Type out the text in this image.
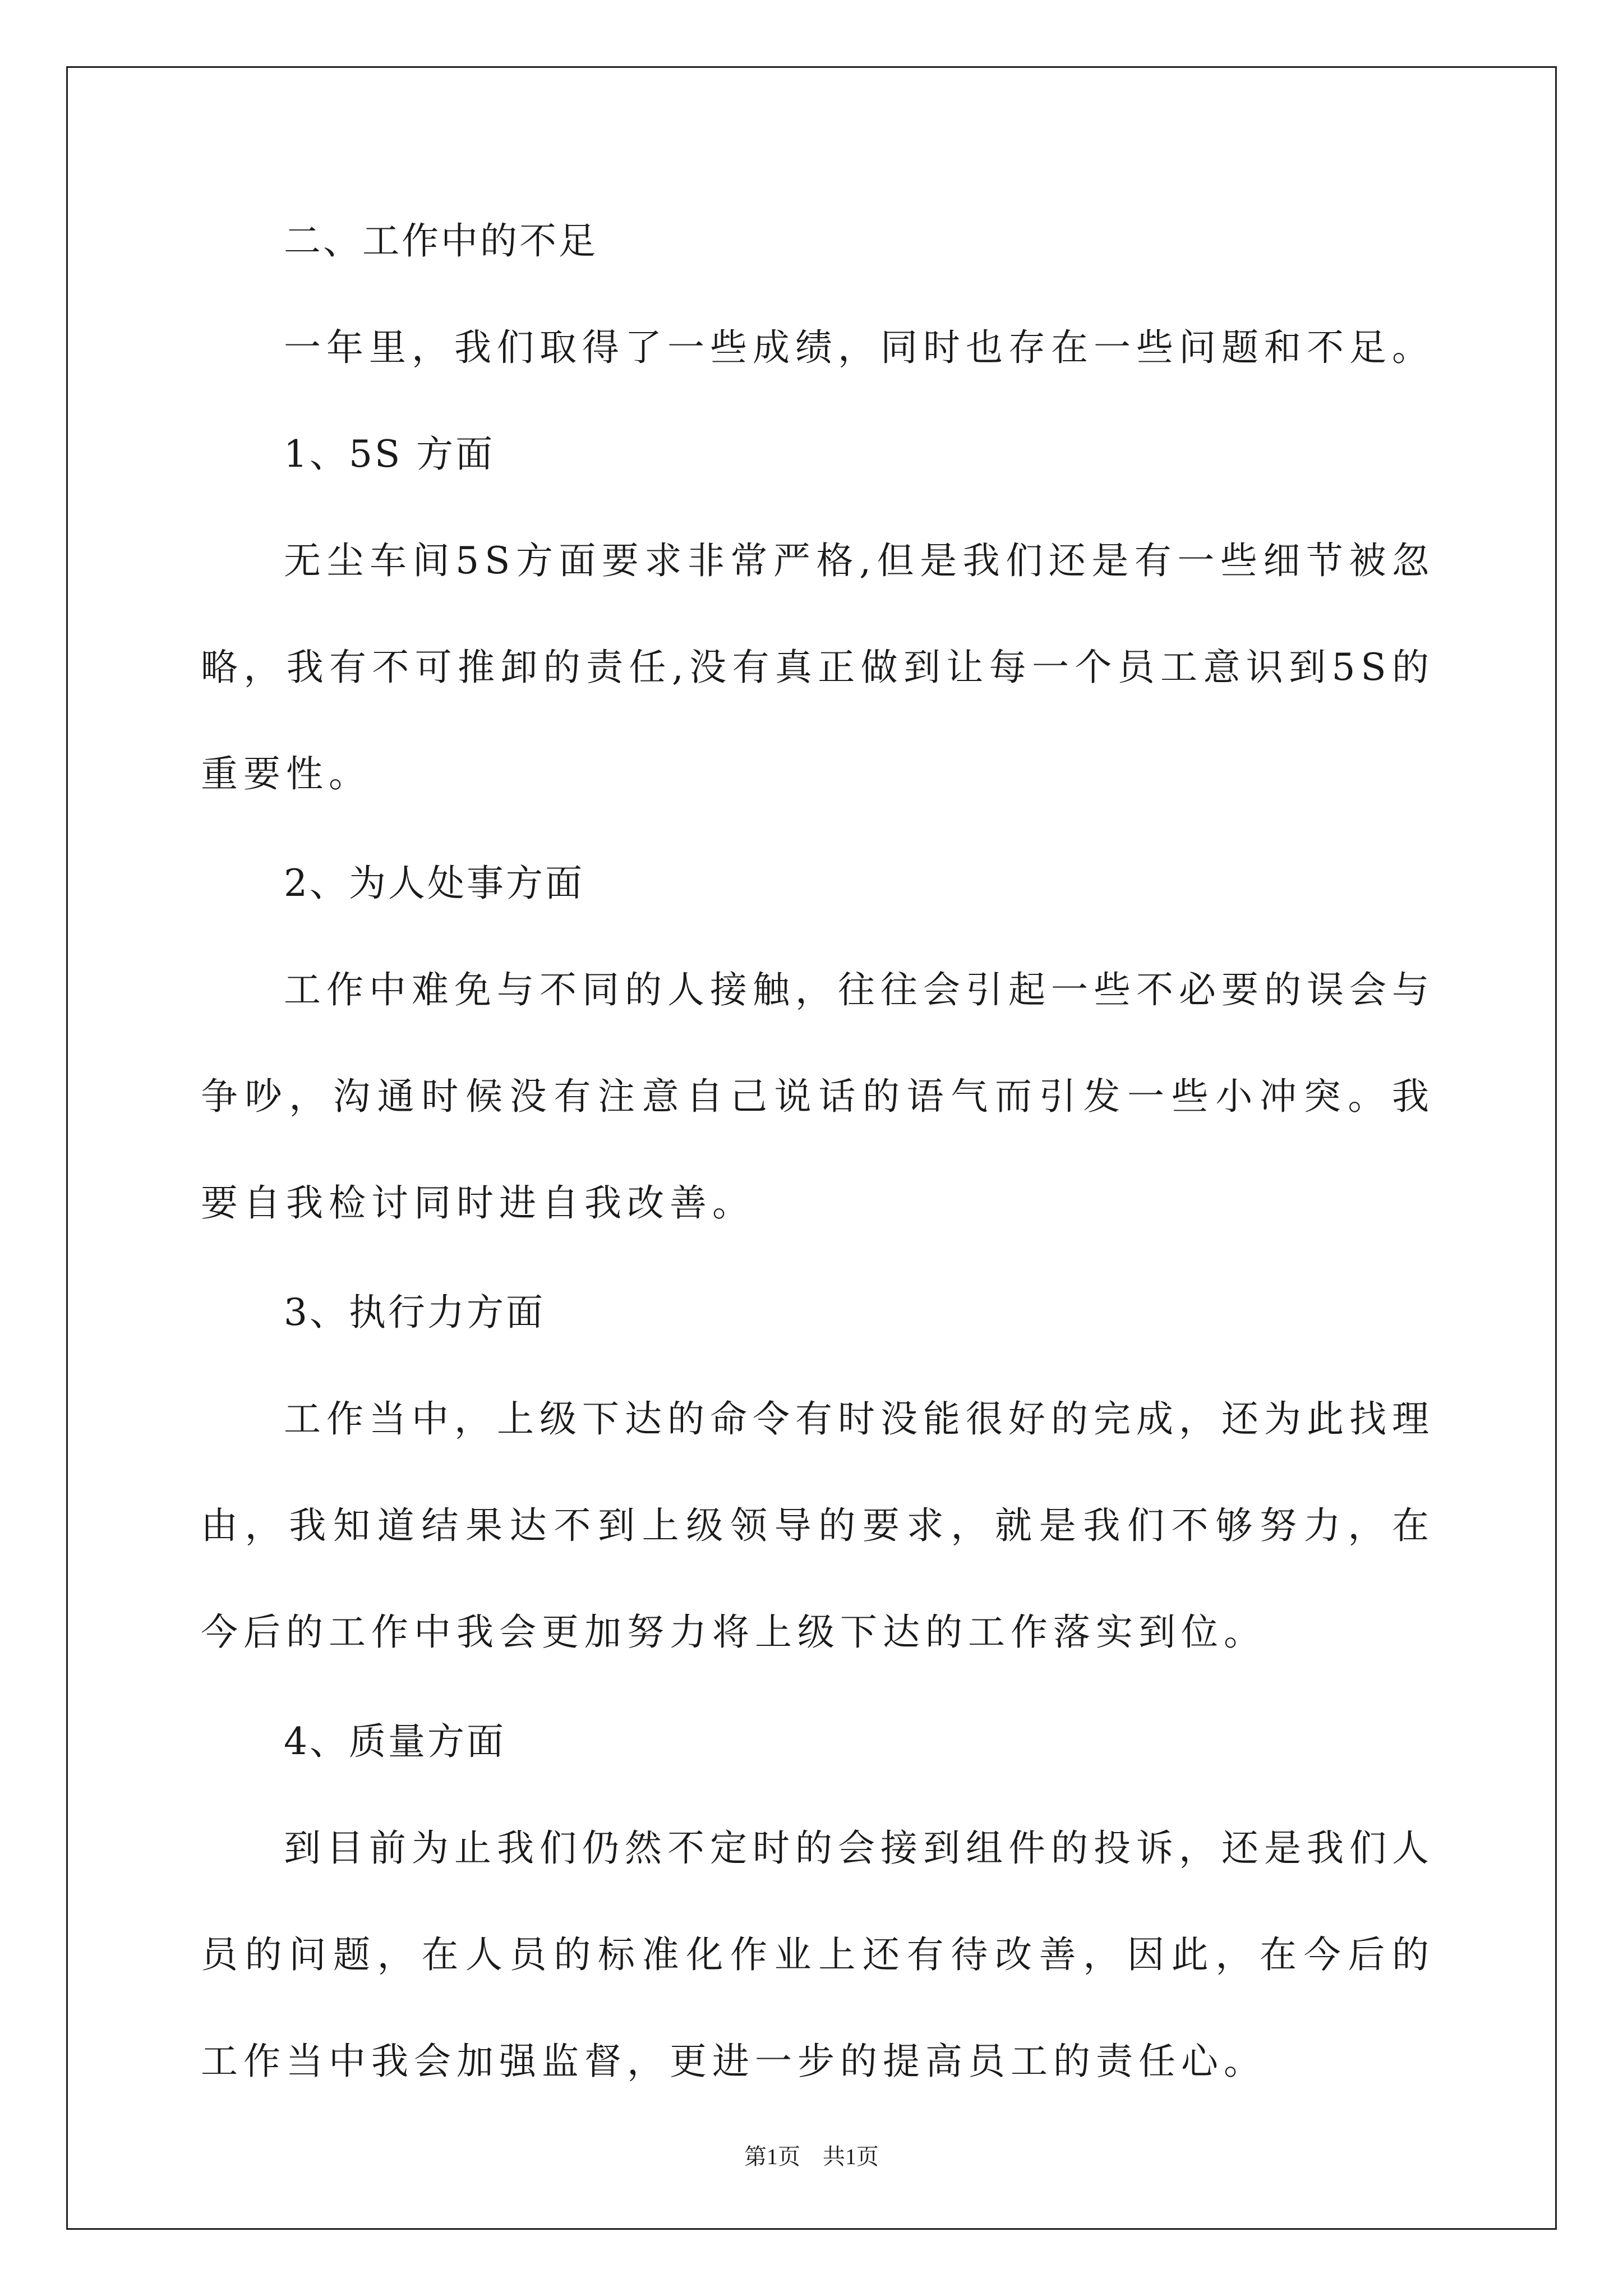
二、工作中的不足

一年里，我们取得了一些成绩，同时也存在一些问题和不足。

1、5S 方面

无尘车间5S方面要求非常严格,但是我们还是有一些细节被忽略，我有不可推卸的责任,没有真正做到让每一个员工意识到5S的重要性。

2、为人处事方面

工作中难免与不同的人接触，往往会引起一些不必要的误会与争吵，沟通时候没有注意自己说话的语气而引发一些小冲突。我要自我检讨同时进自我改善。

3、执行力方面

工作当中，上级下达的命令有时没能很好的完成，还为此找理由，我知道结果达不到上级领导的要求，就是我们不够努力，在今后的工作中我会更加努力将上级下达的工作落实到位。

4、质量方面

到目前为止我们仍然不定时的会接到组件的投诉，还是我们人员的问题，在人员的标准化作业上还有待改善，因此，在今后的工作当中我会加强监督，更进一步的提高员工的责任心。

第1页    共1页
